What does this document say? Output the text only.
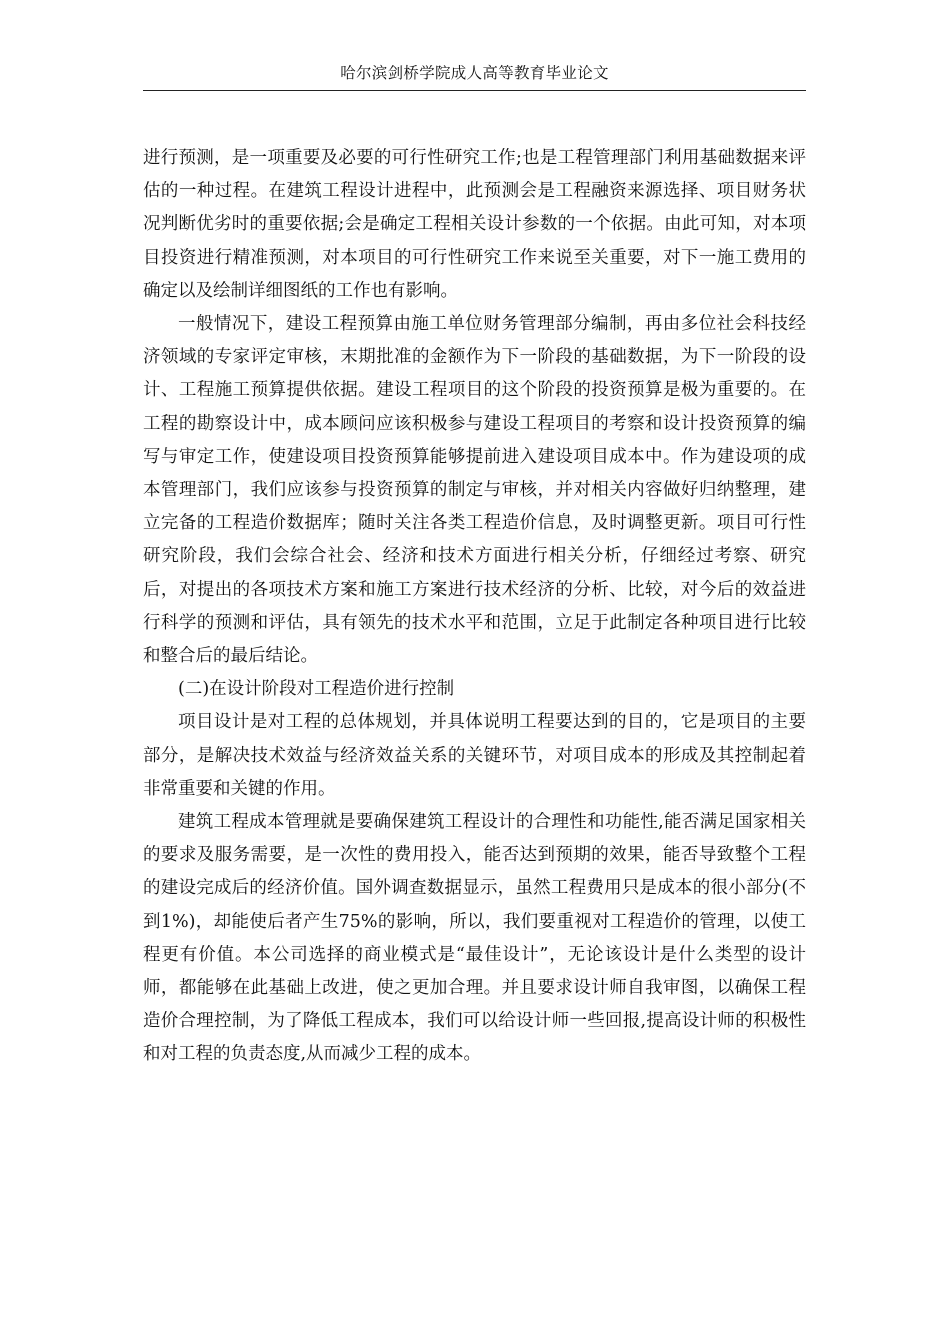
哈尔滨剑桥学院成人高等教育毕业论文

进行预测，是一项重要及必要的可行性研究工作;也是工程管理部门利用基础数据来评估的一种过程。在建筑工程设计进程中，此预测会是工程融资来源选择、项目财务状况判断优劣时的重要依据;会是确定工程相关设计参数的一个依据。由此可知，对本项目投资进行精准预测，对本项目的可行性研究工作来说至关重要，对下一施工费用的确定以及绘制详细图纸的工作也有影响。

一般情况下，建设工程预算由施工单位财务管理部分编制，再由多位社会科技经济领域的专家评定审核，末期批准的金额作为下一阶段的基础数据，为下一阶段的设计、工程施工预算提供依据。建设工程项目的这个阶段的投资预算是极为重要的。在工程的勘察设计中，成本顾问应该积极参与建设工程项目的考察和设计投资预算的编写与审定工作，使建设项目投资预算能够提前进入建设项目成本中。作为建设项的成本管理部门，我们应该参与投资预算的制定与审核，并对相关内容做好归纳整理，建立完备的工程造价数据库；随时关注各类工程造价信息，及时调整更新。项目可行性研究阶段，我们会综合社会、经济和技术方面进行相关分析，仔细经过考察、研究后，对提出的各项技术方案和施工方案进行技术经济的分析、比较，对今后的效益进行科学的预测和评估，具有领先的技术水平和范围，立足于此制定各种项目进行比较和整合后的最后结论。

(二)在设计阶段对工程造价进行控制

项目设计是对工程的总体规划，并具体说明工程要达到的目的，它是项目的主要部分，是解决技术效益与经济效益关系的关键环节，对项目成本的形成及其控制起着非常重要和关键的作用。

建筑工程成本管理就是要确保建筑工程设计的合理性和功能性,能否满足国家相关的要求及服务需要，是一次性的费用投入，能否达到预期的效果，能否导致整个工程的建设完成后的经济价值。国外调查数据显示，虽然工程费用只是成本的很小部分(不到1%)，却能使后者产生75%的影响，所以，我们要重视对工程造价的管理，以使工程更有价值。本公司选择的商业模式是“最佳设计”，无论该设计是什么类型的设计师，都能够在此基础上改进，使之更加合理。并且要求设计师自我审图，以确保工程造价合理控制，为了降低工程成本，我们可以给设计师一些回报,提高设计师的积极性和对工程的负责态度,从而减少工程的成本。
